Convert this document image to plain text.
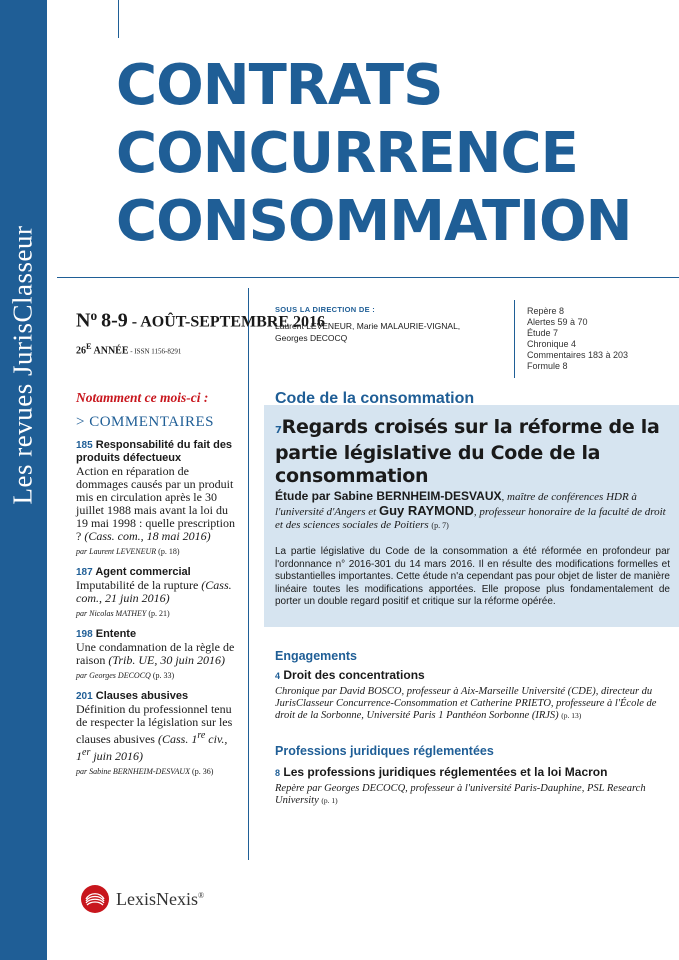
Les revues JurisClasseur
CONTRATS
CONCURRENCE
CONSOMMATION
$N^o$ 8-9 - AOÛT-SEPTEMBRE 2016
$26^E$ ANNÉE - ISSN 1156-8291
SOUS LA DIRECTION DE :
Laurent LEVENEUR, Marie MALAURIE-VIGNAL, Georges DECOCQ
Repère 8
Alertes 59 à 70
Étude 7
Chronique 4
Commentaires 183 à 203
Formule 8
Notamment ce mois-ci :
> COMMENTAIRES
185 Responsabilité du fait des produits défectueux
Action en réparation de dommages causés par un produit mis en circulation après le 30 juillet 1988 mais avant la loi du 19 mai 1998 : quelle prescription ? (Cass. com., 18 mai 2016)
par Laurent LEVENEUR (p. 18)
187 Agent commercial
Imputabilité de la rupture (Cass. com., 21 juin 2016)
par Nicolas MATHEY (p. 21)
198 Entente
Une condamnation de la règle de raison (Trib. UE, 30 juin 2016)
par Georges DECOCQ (p. 33)
201 Clauses abusives
Définition du professionnel tenu de respecter la législation sur les clauses abusives (Cass. 1re civ., 1er juin 2016)
par Sabine BERNHEIM-DESVAUX (p. 36)
Code de la consommation
7Regards croisés sur la réforme de la partie législative du Code de la consommation
Étude par Sabine BERNHEIM-DESVAUX, maître de conférences HDR à l'université d'Angers et Guy RAYMOND, professeur honoraire de la faculté de droit et des sciences sociales de Poitiers (p. 7)
La partie législative du Code de la consommation a été réformée en profondeur par l'ordonnance n° 2016-301 du 14 mars 2016. Il en résulte des modifications formelles et substantielles importantes. Cette étude n'a cependant pas pour objet de lister de manière linéaire toutes les modifications apportées. Elle propose plus fondamentalement de porter un double regard positif et critique sur la réforme opérée.
Engagements
4 Droit des concentrations
Chronique par David BOSCO, professeur à Aix-Marseille Université (CDE), directeur du JurisClasseur Concurrence-Consommation et Catherine PRIETO, professeure à l'École de droit de la Sorbonne, Université Paris 1 Panthéon Sorbonne (IRJS) (p. 13)
Professions juridiques réglementées
8 Les professions juridiques réglementées et la loi Macron
Repère par Georges DECOCQ, professeur à l'université Paris-Dauphine, PSL Research University (p. 1)
LexisNexis®
